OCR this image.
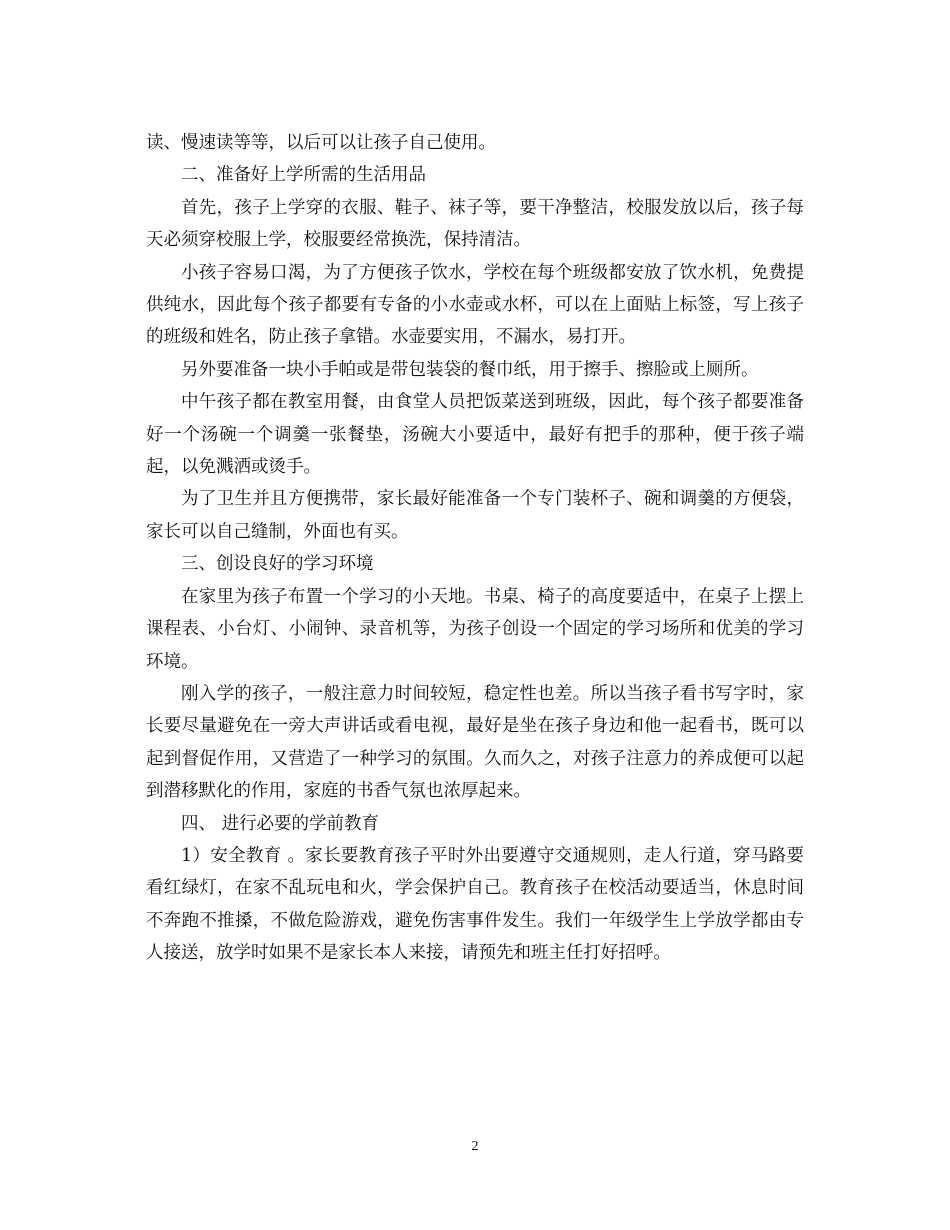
读、慢速读等等，以后可以让孩子自己使用。

二、准备好上学所需的生活用品

首先，孩子上学穿的衣服、鞋子、袜子等，要干净整洁，校服发放以后，孩子每天必须穿校服上学，校服要经常换洗，保持清洁。

小孩子容易口渴，为了方便孩子饮水，学校在每个班级都安放了饮水机，免费提供纯水，因此每个孩子都要有专备的小水壶或水杯，可以在上面贴上标签，写上孩子的班级和姓名，防止孩子拿错。水壶要实用，不漏水，易打开。

另外要准备一块小手帕或是带包装袋的餐巾纸，用于擦手、擦脸或上厕所。

中午孩子都在教室用餐，由食堂人员把饭菜送到班级，因此，每个孩子都要准备好一个汤碗一个调羹一张餐垫，汤碗大小要适中，最好有把手的那种，便于孩子端起，以免溅洒或烫手。

为了卫生并且方便携带，家长最好能准备一个专门装杯子、碗和调羹的方便袋，家长可以自己缝制，外面也有买。

三、创设良好的学习环境

在家里为孩子布置一个学习的小天地。书桌、椅子的高度要适中，在桌子上摆上课程表、小台灯、小闹钟、录音机等，为孩子创设一个固定的学习场所和优美的学习环境。

刚入学的孩子，一般注意力时间较短，稳定性也差。所以当孩子看书写字时，家长要尽量避免在一旁大声讲话或看电视，最好是坐在孩子身边和他一起看书，既可以起到督促作用，又营造了一种学习的氛围。久而久之，对孩子注意力的养成便可以起到潜移默化的作用，家庭的书香气氛也浓厚起来。

四、 进行必要的学前教育

1）安全教育 。家长要教育孩子平时外出要遵守交通规则，走人行道，穿马路要看红绿灯，在家不乱玩电和火，学会保护自己。教育孩子在校活动要适当，休息时间不奔跑不推搡，不做危险游戏，避免伤害事件发生。我们一年级学生上学放学都由专人接送，放学时如果不是家长本人来接，请预先和班主任打好招呼。

2
